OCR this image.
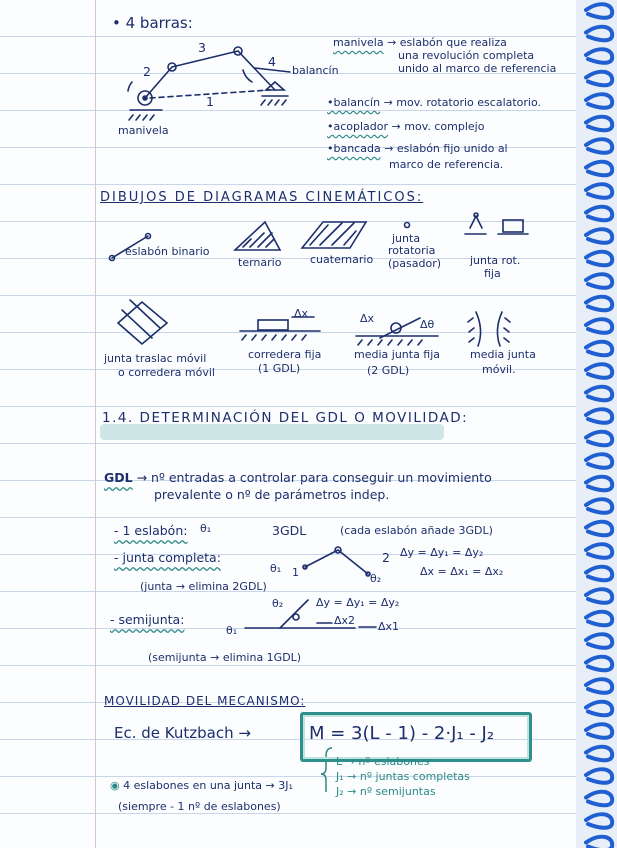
• 4 barras:
2
3
4
1
balancín
manivela
manivela → eslabón que realiza
una revolución completa
unido al marco de referencia
•balancín → mov. rotatorio escalatorio.
•acoplador → mov. complejo
•bancada → eslabón fijo unido al
marco de referencia.
DIBUJOS DE DIAGRAMAS CINEMÁTICOS:
eslabón binario
ternario	cuaternario
junta
rotatoria
(pasador)	junta rot.
fija
Δx	Δx	Δθ
junta traslac móvil
o corredera móvil
corredera fija
(1 GDL)
media junta fija
(2 GDL)
media junta
móvil.
1.4. DETERMINACIÓN DEL GDL O MOVILIDAD:
GDL → nº entradas a controlar para conseguir un movimiento
prevalente o nº de parámetros indep.
- 1 eslabón: θ₁	3GDL	(cada eslabón añade 3GDL)
- junta completa:
θ₁
θ₂
1
2 Δy = Δy₁ = Δy₂
Δx = Δx₁ = Δx₂
(junta → elimina 2GDL)
- semijunta:
θ₂
θ₁
Δy = Δy₁ = Δy₂
Δx2 Δx1
(semijunta → elimina 1GDL)
MOVILIDAD DEL MECANISMO:
Ec. de Kutzbach →	M = 3(L - 1) - 2·J₁ - J₂
L → nº eslabones
J₁ → nº juntas completas
J₂ → nº semijuntas
◉ 4 eslabones en una junta → 3J₁
(siempre - 1 nº de eslabones)
